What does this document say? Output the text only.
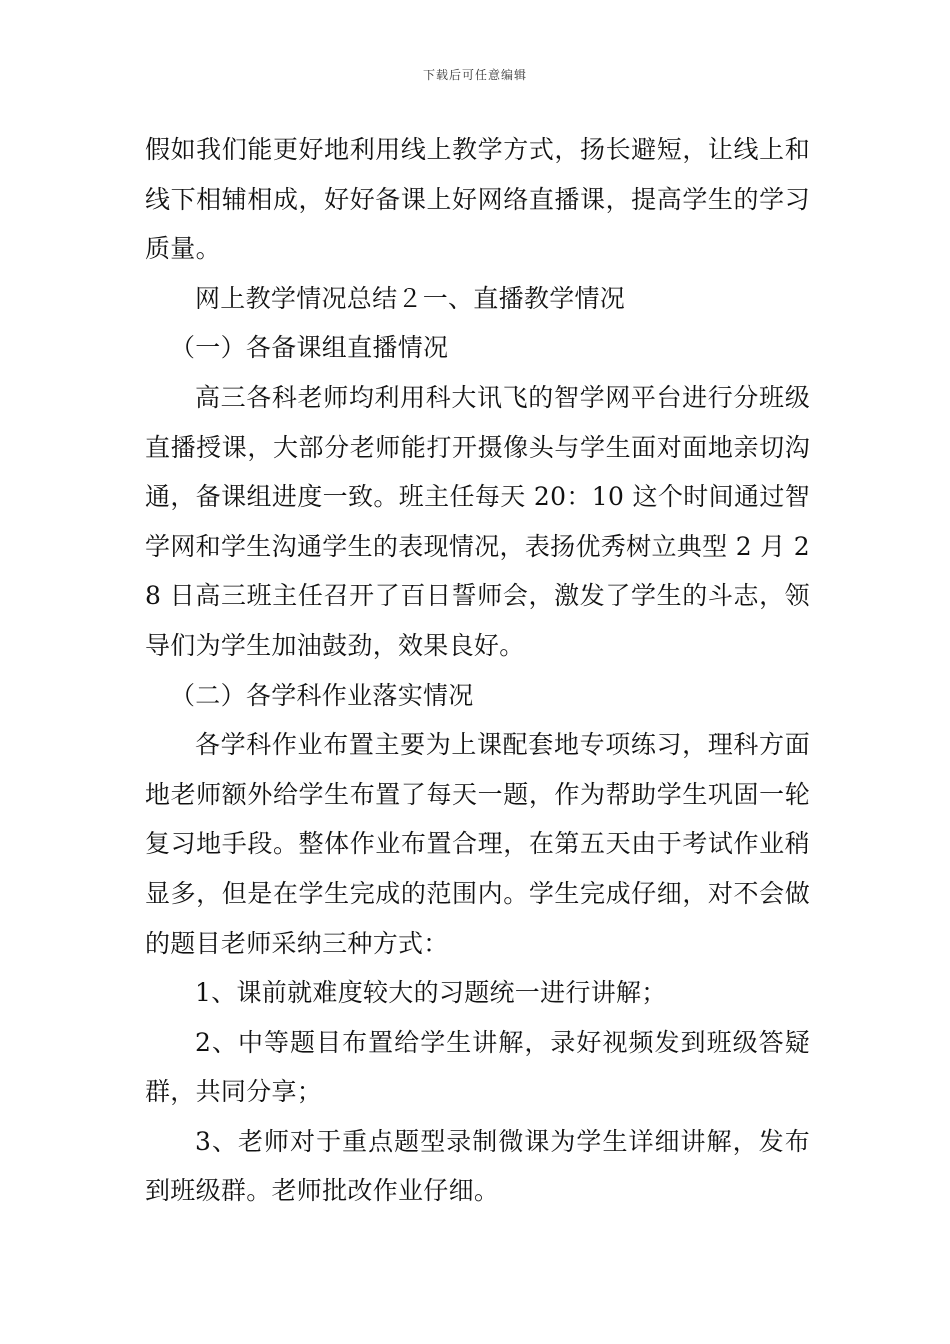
下载后可任意编辑

假如我们能更好地利用线上教学方式，扬长避短，让线上和线下相辅相成，好好备课上好网络直播课，提高学生的学习质量。

网上教学情况总结２一、直播教学情况

（一）各备课组直播情况

高三各科老师均利用科大讯飞的智学网平台进行分班级直播授课，大部分老师能打开摄像头与学生面对面地亲切沟通，备课组进度一致。班主任每天 20：10 这个时间通过智学网和学生沟通学生的表现情况，表扬优秀树立典型 2 月 28 日高三班主任召开了百日誓师会，激发了学生的斗志，领导们为学生加油鼓劲，效果良好。

（二）各学科作业落实情况

各学科作业布置主要为上课配套地专项练习，理科方面地老师额外给学生布置了每天一题，作为帮助学生巩固一轮复习地手段。整体作业布置合理，在第五天由于考试作业稍显多，但是在学生完成的范围内。学生完成仔细，对不会做的题目老师采纳三种方式：

1、课前就难度较大的习题统一进行讲解；

2、中等题目布置给学生讲解，录好视频发到班级答疑群，共同分享；

3、老师对于重点题型录制微课为学生详细讲解，发布到班级群。老师批改作业仔细。
